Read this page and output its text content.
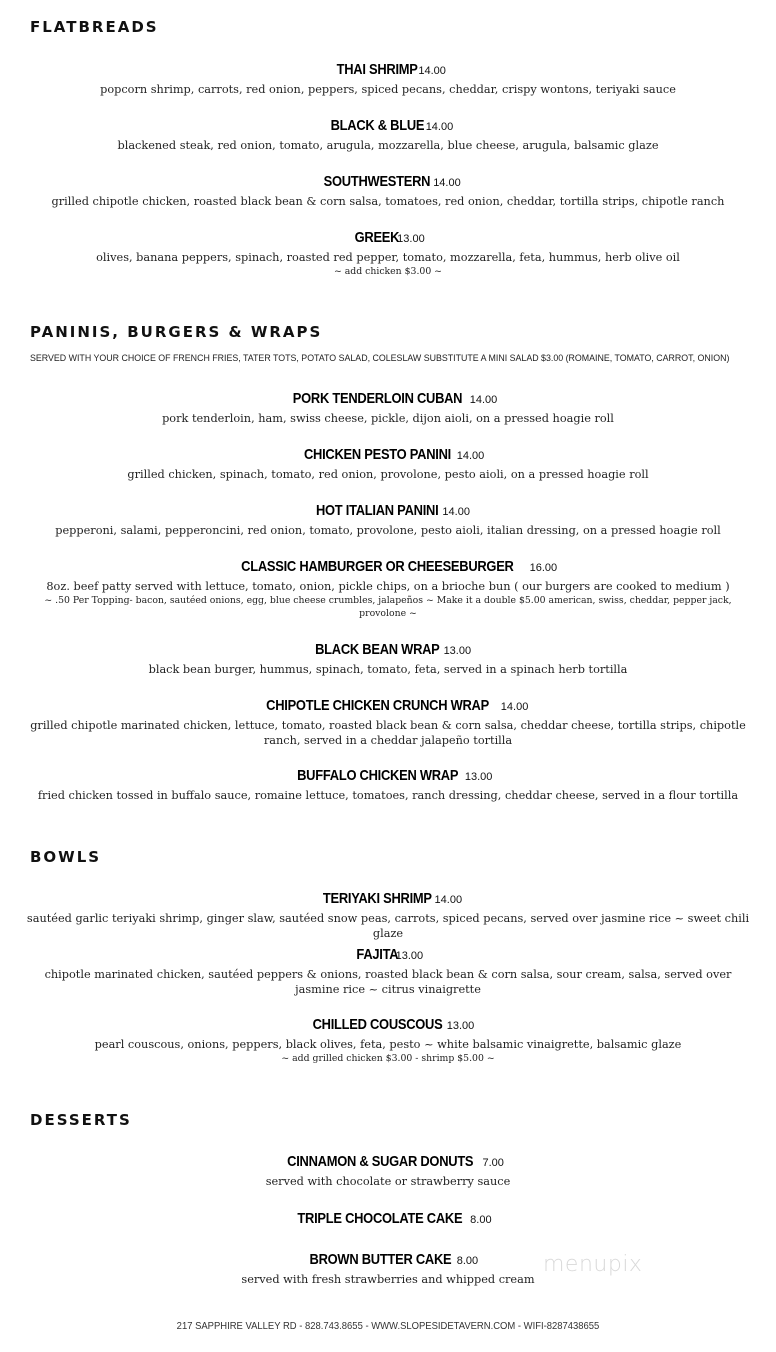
FLATBREADS
THAI SHRIMP14.00
popcorn shrimp, carrots, red onion, peppers, spiced pecans, cheddar, crispy wontons, teriyaki sauce
BLACK & BLUE 14.00
blackened steak, red onion, tomato, arugula, mozzarella, blue cheese, arugula, balsamic glaze
SOUTHWESTERN 14.00
grilled chipotle chicken, roasted black bean & corn salsa, tomatoes, red onion, cheddar, tortilla strips, chipotle ranch
GREEK13.00
olives, banana peppers, spinach, roasted red pepper, tomato, mozzarella, feta, hummus, herb olive oil
~ add chicken $3.00 ~
PANINIS, BURGERS & WRAPS
SERVED WITH YOUR CHOICE OF FRENCH FRIES, TATER TOTS, POTATO SALAD, COLESLAW SUBSTITUTE A MINI SALAD $3.00 (ROMAINE, TOMATO, CARROT, ONION)
PORK TENDERLOIN CUBAN 14.00
pork tenderloin, ham, swiss cheese, pickle, dijon aioli, on a pressed hoagie roll
CHICKEN PESTO PANINI 14.00
grilled chicken, spinach, tomato, red onion, provolone, pesto aioli, on a pressed hoagie roll
HOT ITALIAN PANINI 14.00
pepperoni, salami, pepperoncini, red onion, tomato, provolone, pesto aioli, italian dressing, on a pressed hoagie roll
CLASSIC HAMBURGER OR CHEESEBURGER 16.00
8oz. beef patty served with lettuce, tomato, onion, pickle chips, on a brioche bun ( our burgers are cooked to medium )
~ .50 Per Topping- bacon, sautéed onions, egg, blue cheese crumbles, jalapeños ~ Make it a double $5.00 american, swiss, cheddar, pepper jack, provolone ~
BLACK BEAN WRAP 13.00
black bean burger, hummus, spinach, tomato, feta, served in a spinach herb tortilla
CHIPOTLE CHICKEN CRUNCH WRAP 14.00
grilled chipotle marinated chicken, lettuce, tomato, roasted black bean & corn salsa, cheddar cheese, tortilla strips, chipotle ranch, served in a cheddar jalapeño tortilla
BUFFALO CHICKEN WRAP 13.00
fried chicken tossed in buffalo sauce, romaine lettuce, tomatoes, ranch dressing, cheddar cheese, served in a flour tortilla
BOWLS
TERIYAKI SHRIMP 14.00
sautéed garlic teriyaki shrimp, ginger slaw, sautéed snow peas, carrots, spiced pecans, served over jasmine rice ~ sweet chili glaze
FAJITA13.00
chipotle marinated chicken, sautéed peppers & onions, roasted black bean & corn salsa, sour cream, salsa, served over jasmine rice ~ citrus vinaigrette
CHILLED COUSCOUS 13.00
pearl couscous, onions, peppers, black olives, feta, pesto ~ white balsamic vinaigrette, balsamic glaze
~ add grilled chicken $3.00 - shrimp $5.00 ~
DESSERTS
CINNAMON & SUGAR DONUTS 7.00
served with chocolate or strawberry sauce
TRIPLE CHOCOLATE CAKE 8.00
BROWN BUTTER CAKE 8.00
served with fresh strawberries and whipped cream
menupix
217 SAPPHIRE VALLEY RD - 828.743.8655 - WWW.SLOPESIDETAVERN.COM - WIFI-8287438655
